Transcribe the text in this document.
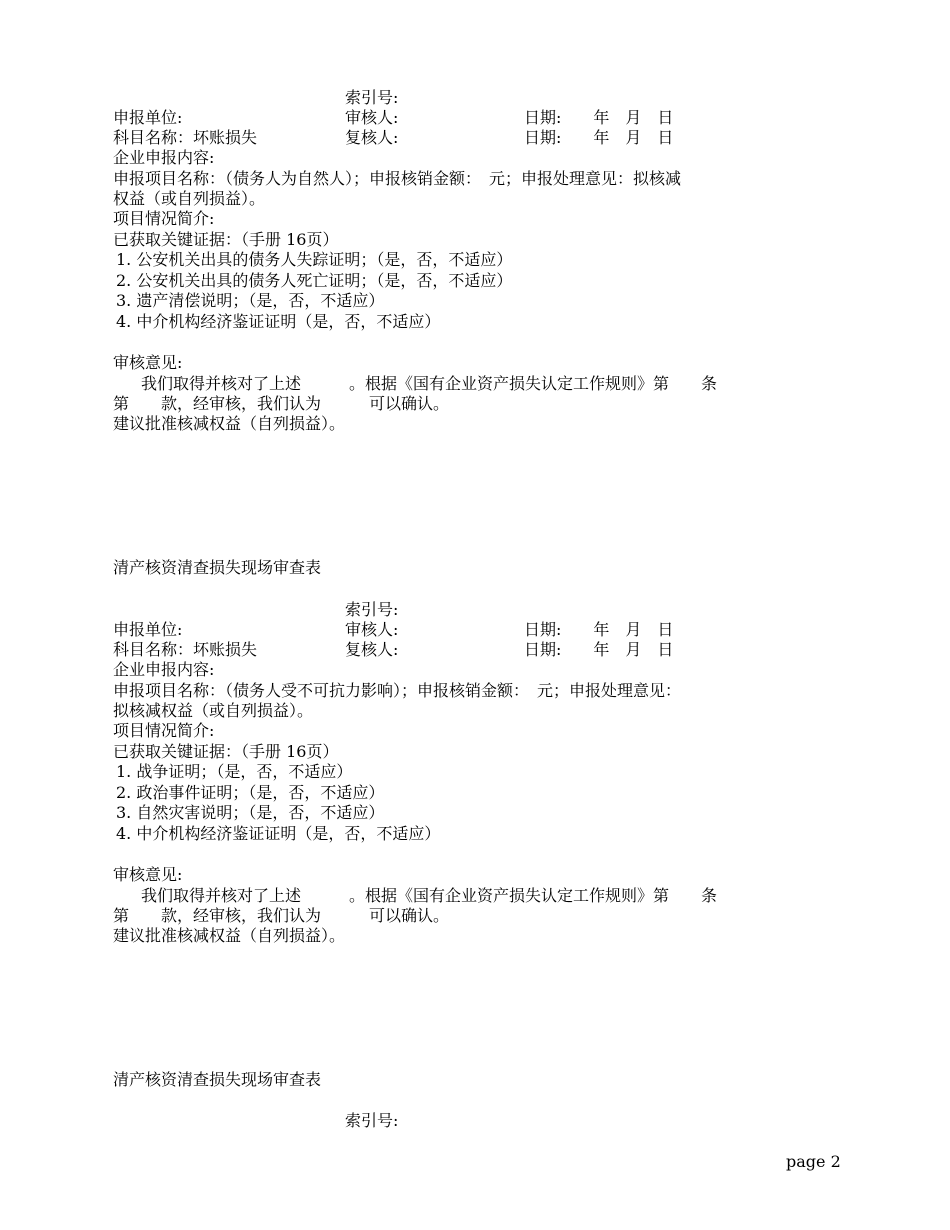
索引号:
申报单位:	审核人:	日期:　　年　月　日
科目名称：坏账损失	复核人:	日期:　　年　月　日
企业申报内容:
申报项目名称：（债务人为自然人）；申报核销金额：　元；申报处理意见：拟核减
权益（或自列损益）。
项目情况简介:
已获取关键证据：（手册 16页）
1. 公安机关出具的债务人失踪证明；（是，否，不适应）
2. 公安机关出具的债务人死亡证明；（是，否，不适应）
3. 遗产清偿说明；（是，否，不适应）
4. 中介机构经济鉴证证明（是，否，不适应）
审核意见:
我们取得并核对了上述　　　。根据《国有企业资产损失认定工作规则》第　　条
第　　款，经审核，我们认为　　　可以确认。
建议批准核减权益（自列损益）。
清产核资清查损失现场审查表
索引号:
申报单位:	审核人:	日期:　　年　月　日
科目名称：坏账损失	复核人:	日期:　　年　月　日
企业申报内容:
申报项目名称：（债务人受不可抗力影响）；申报核销金额：　元；申报处理意见：
拟核减权益（或自列损益）。
项目情况简介:
已获取关键证据：（手册 16页）
1. 战争证明；（是，否，不适应）
2. 政治事件证明；（是，否，不适应）
3. 自然灾害说明；（是，否，不适应）
4. 中介机构经济鉴证证明（是，否，不适应）
审核意见:
我们取得并核对了上述　　　。根据《国有企业资产损失认定工作规则》第　　条
第　　款，经审核，我们认为　　　可以确认。
建议批准核减权益（自列损益）。
清产核资清查损失现场审查表
索引号:
page 2
